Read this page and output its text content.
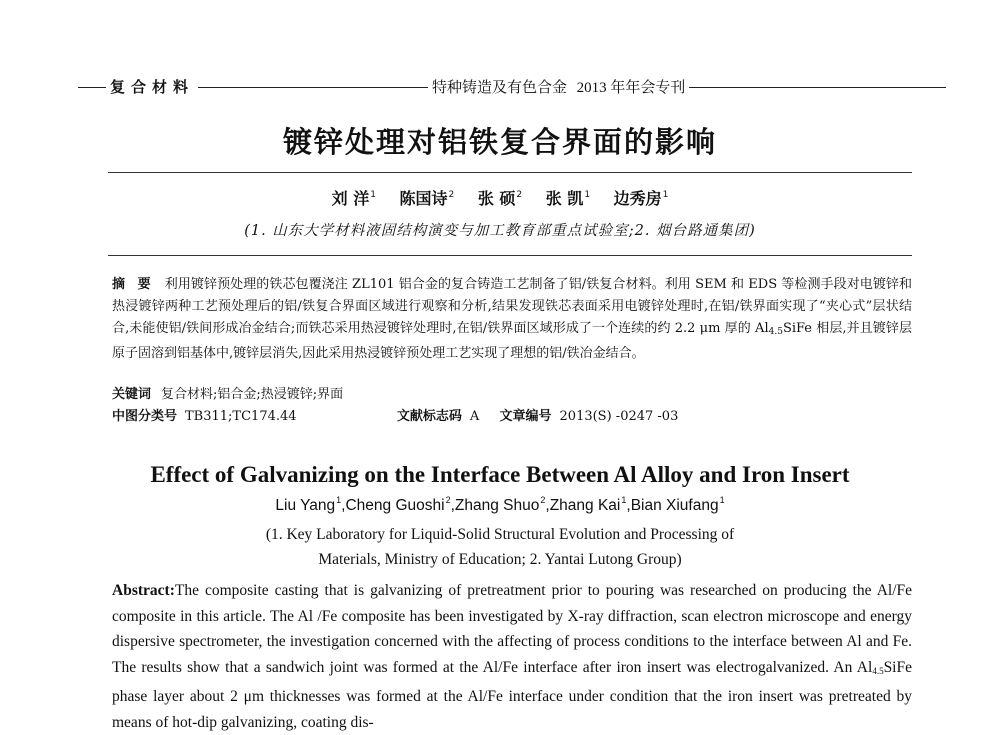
复合材料	特种铸造及有色合金 2013 年年会专刊
镀锌处理对铝铁复合界面的影响
刘 洋$^1$ 陈国诗$^2$ 张 硕$^2$ 张 凯$^1$ 边秀房$^1$
(1. 山东大学材料液固结构演变与加工教育部重点试验室;2. 烟台路通集团)
摘 要 利用镀锌预处理的铁芯包覆浇注 ZL101 铝合金的复合铸造工艺制备了铝/铁复合材料。利用 SEM 和 EDS 等检测手段对电镀锌和热浸镀锌两种工艺预处理后的铝/铁复合界面区域进行观察和分析,结果发现铁芯表面采用电镀锌处理时,在铝/铁界面实现了“夹心式”层状结合,未能使铝/铁间形成冶金结合;而铁芯采用热浸镀锌处理时,在铝/铁界面区域形成了一个连续的约 2.2 μm 厚的 $Al_{4.5}SiFe$ 相层,并且镀锌层原子固溶到铝基体中,镀锌层消失,因此采用热浸镀锌预处理工艺实现了理想的铝/铁冶金结合。
关键词 复合材料;铝合金;热浸镀锌;界面
中图分类号 TB311;TC174.44	文献标志码 A 文章编号 2013(S) -0247 -03
Effect of Galvanizing on the Interface Between Al Alloy and Iron Insert
Liu Yang$^1$,Cheng Guoshi$^2$,Zhang Shuo$^2$,Zhang Kai$^1$,Bian Xiufang$^1$
(1. Key Laboratory for Liquid-Solid Structural Evolution and Processing of
Materials, Ministry of Education; 2. Yantai Lutong Group)
Abstract:The composite casting that is galvanizing of pretreatment prior to pouring was researched on producing the Al/Fe composite in this article. The Al /Fe composite has been investigated by X-ray diffraction, scan electron microscope and energy dispersive spectrometer, the investigation concerned with the affecting of process conditions to the interface between Al and Fe. The results show that a sandwich joint was formed at the Al/Fe interface after iron insert was electrogalvanized. An $Al_{4.5}SiFe$ phase layer about 2 μm thicknesses was formed at the Al/Fe interface under condition that the iron insert was pretreated by means of hot-dip galvanizing, coating dis-
